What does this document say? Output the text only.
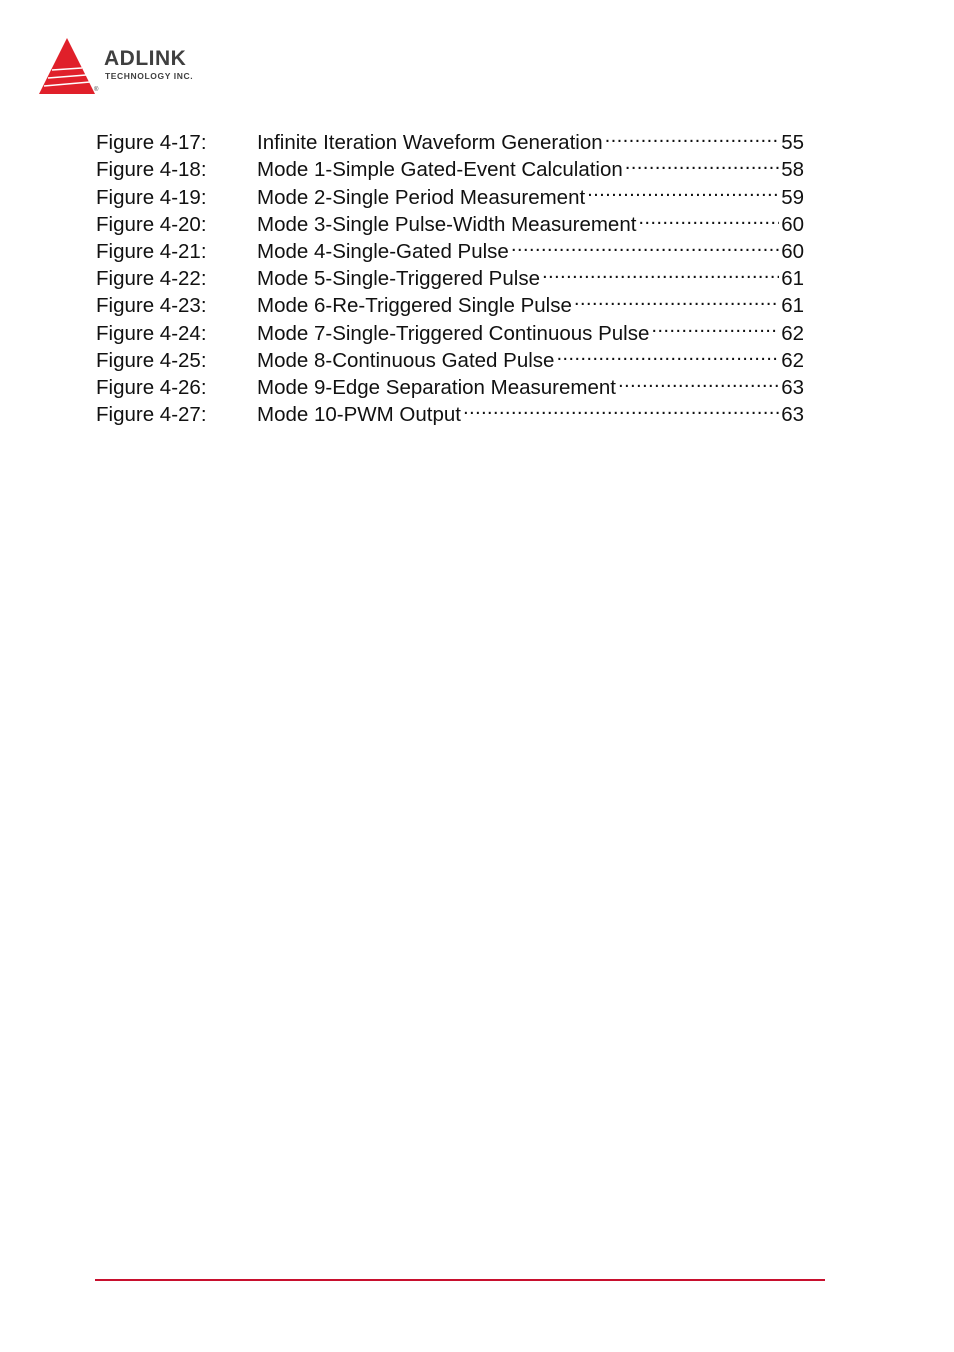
ADLINK
TECHNOLOGY INC.
®
Figure 4-17:	Infinite Iteration Waveform Generation .....	55
Figure 4-18:	Mode 1-Simple Gated-Event Calculation .....	58
Figure 4-19:	Mode 2-Single Period Measurement .....	59
Figure 4-20:	Mode 3-Single Pulse-Width Measurement .....	60
Figure 4-21:	Mode 4-Single-Gated Pulse .....	60
Figure 4-22:	Mode 5-Single-Triggered Pulse .....	61
Figure 4-23:	Mode 6-Re-Triggered Single Pulse .....	61
Figure 4-24:	Mode 7-Single-Triggered Continuous Pulse .....	62
Figure 4-25:	Mode 8-Continuous Gated Pulse .....	62
Figure 4-26:	Mode 9-Edge Separation Measurement .....	63
Figure 4-27:	Mode 10-PWM Output .....	63
